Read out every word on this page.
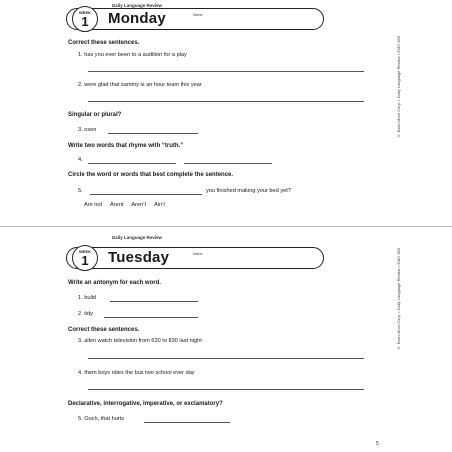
Daily Language Review
WEEK
1	Monday	Name:
© Evan-Moor Corp. • Daily Language Review • EMC 583
Correct these sentences.
1. has you ever been to a audition for a play
2. were glad that sammy is an hour team this year
Singular or plural?
3. oxen
Write two words that rhyme with “truth.”
4.
Circle the word or words that best complete the sentence.
5.	you finished making your bed yet?
Are not Arent Aren’t Ain’t
Daily Language Review
WEEK
1	Tuesday	Name:	© Evan-Moor Corp. • Daily Language Review • EMC 583
Write an antonym for each word.
1. build
2. tidy
Correct these sentences.
3. allen watch television from 630 to 830 last night
4. them boys rides the bus two school ever day
Declarative, interrogative, imperative, or exclamatory?
5. Ouch, that hurts
5
